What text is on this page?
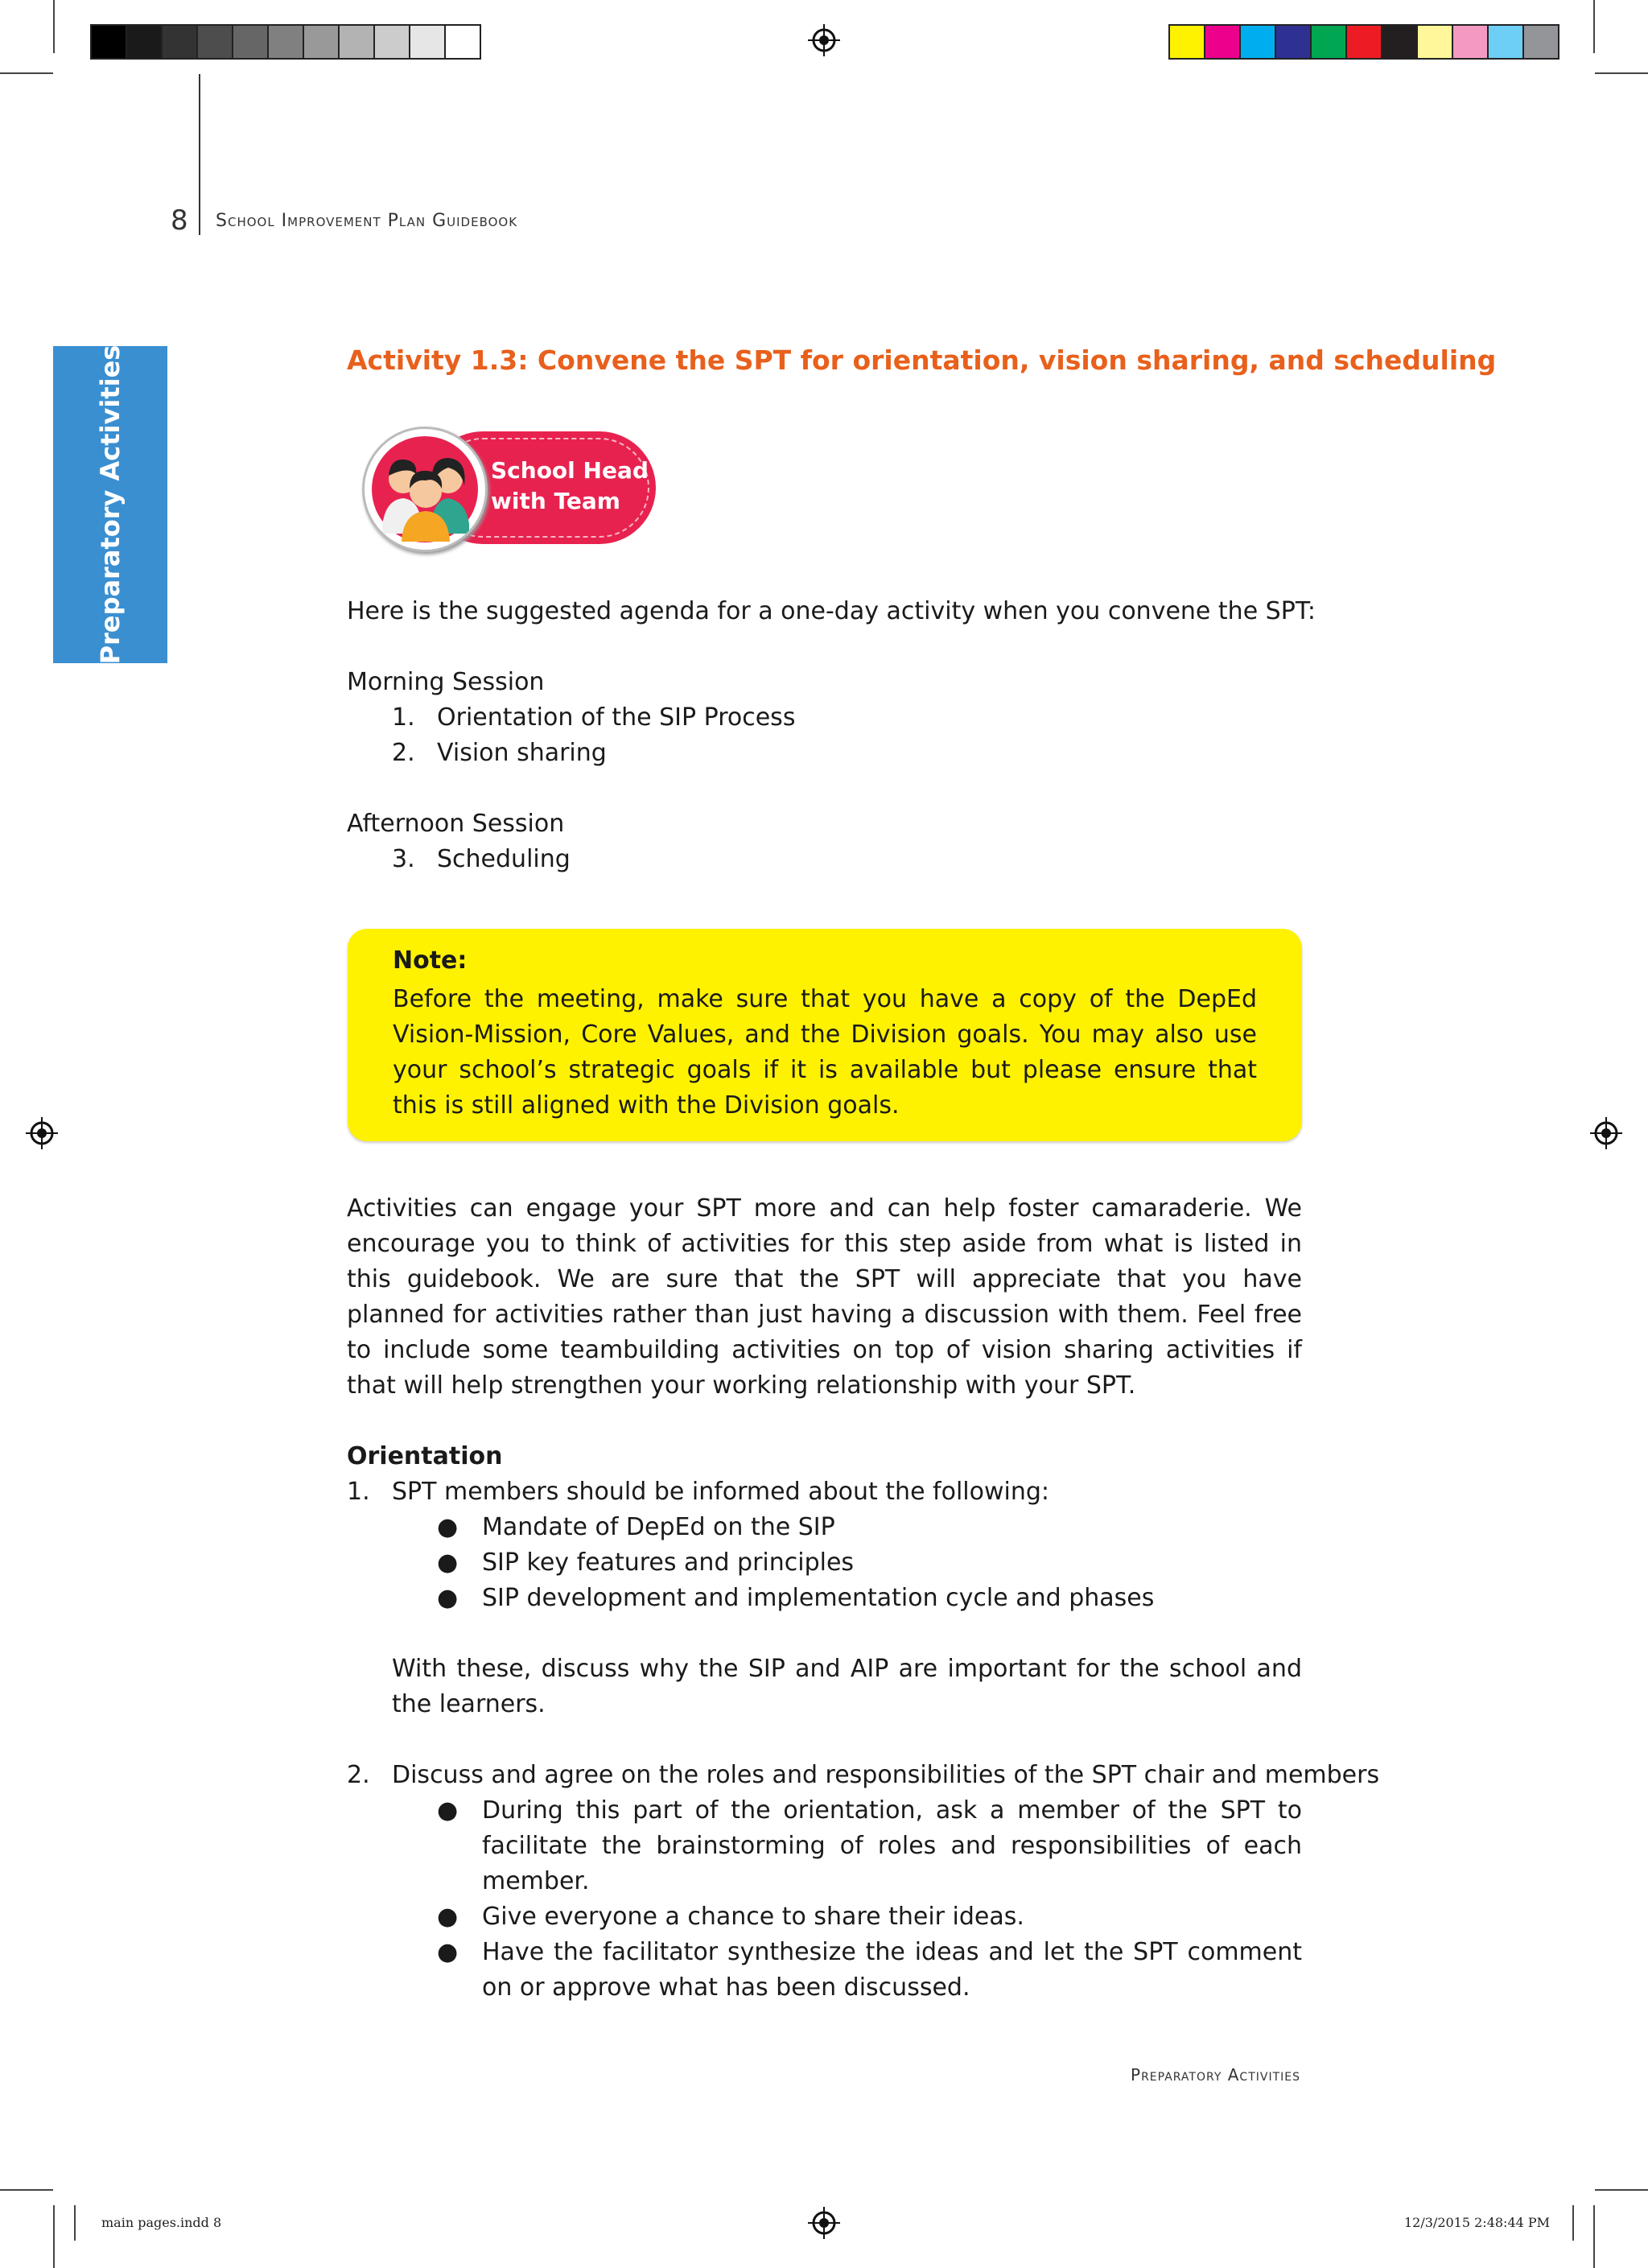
8 School Improvement Plan Guidebook
Preparatory Activities	Activity 1.3: Convene the SPT for orientation, vision sharing, and scheduling
School Head
with Team
Here is the suggested agenda for a one-day activity when you convene the SPT:
Morning Session
1. Orientation of the SIP Process
2. Vision sharing
Afternoon Session
3. Scheduling
Note:
Before the meeting, make sure that you have a copy of the DepEd Vision-Mission, Core Values, and the Division goals. You may also use your school’s strategic goals if it is available but please ensure that this is still aligned with the Division goals.
Activities can engage your SPT more and can help foster camaraderie. We encourage you to think of activities for this step aside from what is listed in this guidebook. We are sure that the SPT will appreciate that you have planned for activities rather than just having a discussion with them. Feel free to include some teambuilding activities on top of vision sharing activities if that will help strengthen your working relationship with your SPT.
Orientation
1. SPT members should be informed about the following:
● Mandate of DepEd on the SIP
● SIP key features and principles
● SIP development and implementation cycle and phases
With these, discuss why the SIP and AIP are important for the school and the learners.
2. Discuss and agree on the roles and responsibilities of the SPT chair and members
● During this part of the orientation, ask a member of the SPT to facilitate the brainstorming of roles and responsibilities of each member.
● Give everyone a chance to share their ideas.
● Have the facilitator synthesize the ideas and let the SPT comment on or approve what has been discussed.
Preparatory Activities
main pages.indd 8	12/3/2015 2:48:44 PM
